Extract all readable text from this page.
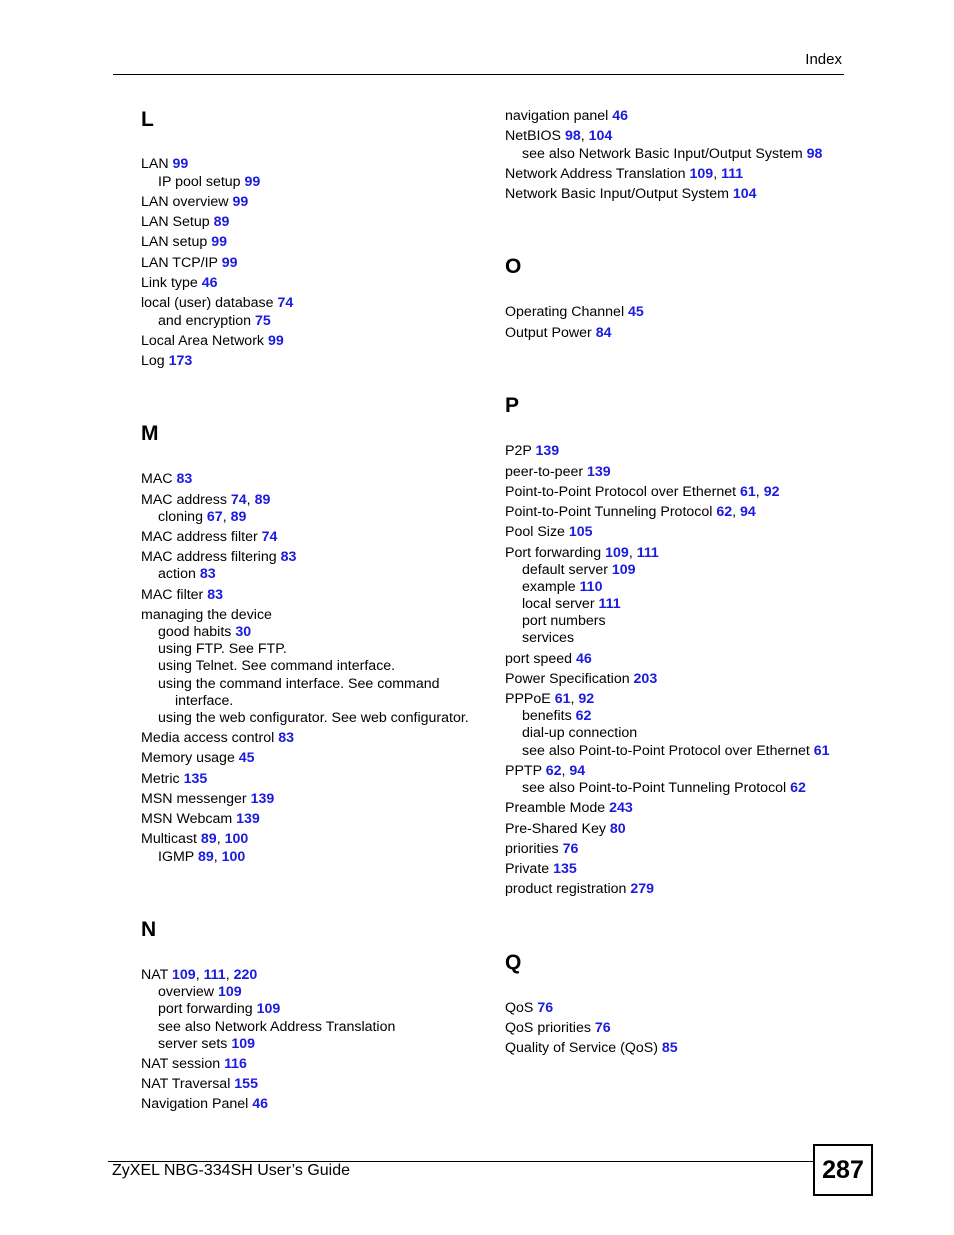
Index
L
LAN 99
IP pool setup 99
LAN overview 99
LAN Setup 89
LAN setup 99
LAN TCP/IP 99
Link type 46
local (user) database 74
and encryption 75
Local Area Network 99
Log 173
M
MAC 83
MAC address 74, 89
cloning 67, 89
MAC address filter 74
MAC address filtering 83
action 83
MAC filter 83
managing the device
good habits 30
using FTP. See FTP.
using Telnet. See command interface.
using the command interface. See command
interface.
using the web configurator. See web configurator.
Media access control 83
Memory usage 45
Metric 135
MSN messenger 139
MSN Webcam 139
Multicast 89, 100
IGMP 89, 100
N
NAT 109, 111, 220
overview 109
port forwarding 109
see also Network Address Translation
server sets 109
NAT session 116
NAT Traversal 155
Navigation Panel 46
navigation panel 46
NetBIOS 98, 104
see also Network Basic Input/Output System 98
Network Address Translation 109, 111
Network Basic Input/Output System 104
O
Operating Channel 45
Output Power 84
P
P2P 139
peer-to-peer 139
Point-to-Point Protocol over Ethernet 61, 92
Point-to-Point Tunneling Protocol 62, 94
Pool Size 105
Port forwarding 109, 111
default server 109
example 110
local server 111
port numbers
services
port speed 46
Power Specification 203
PPPoE 61, 92
benefits 62
dial-up connection
see also Point-to-Point Protocol over Ethernet 61
PPTP 62, 94
see also Point-to-Point Tunneling Protocol 62
Preamble Mode 243
Pre-Shared Key 80
priorities 76
Private 135
product registration 279
Q
QoS 76
QoS priorities 76
Quality of Service (QoS) 85
ZyXEL NBG-334SH User’s Guide	287
